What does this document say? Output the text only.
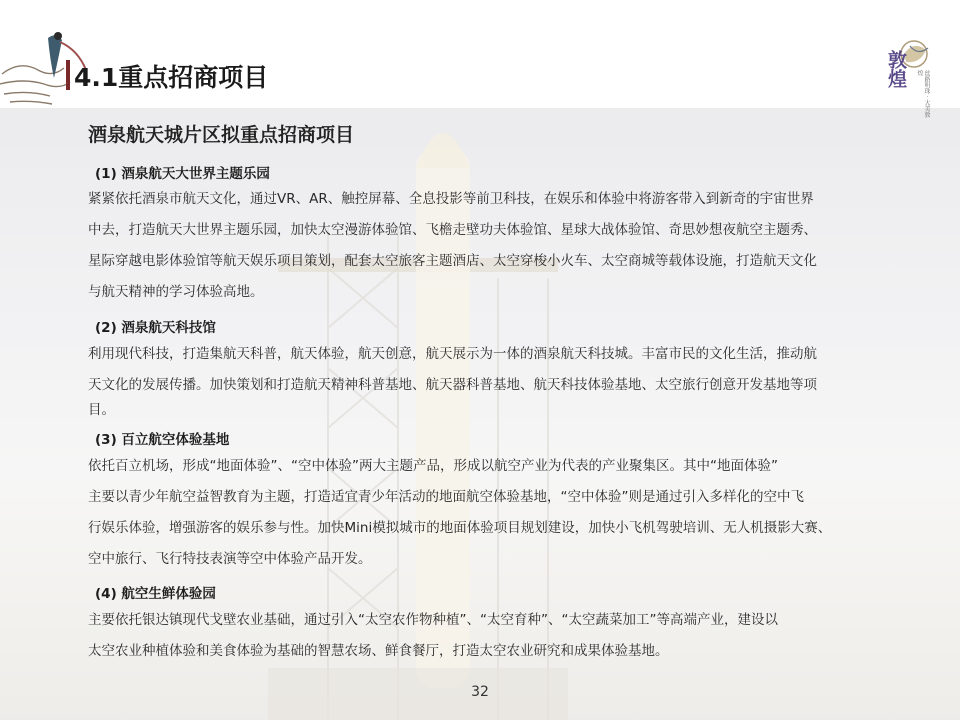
4.1重点招商项目	敦煌
丝路明珠 · 大美敦煌
酒泉航天城片区拟重点招商项目

(1) 酒泉航天大世界主题乐园

紧紧依托酒泉市航天文化，通过VR、AR、触控屏幕、全息投影等前卫科技，在娱乐和体验中将游客带入到新奇的宇宙世界
中去，打造航天大世界主题乐园，加快太空漫游体验馆、飞檐走壁功夫体验馆、星球大战体验馆、奇思妙想夜航空主题秀、
星际穿越电影体验馆等航天娱乐项目策划，配套太空旅客主题酒店、太空穿梭小火车、太空商城等载体设施，打造航天文化
与航天精神的学习体验高地。

(2) 酒泉航天科技馆

利用现代科技，打造集航天科普，航天体验，航天创意，航天展示为一体的酒泉航天科技城。丰富市民的文化生活，推动航
天文化的发展传播。加快策划和打造航天精神科普基地、航天器科普基地、航天科技体验基地、太空旅行创意开发基地等项
目。

(3) 百立航空体验基地

依托百立机场，形成“地面体验”、“空中体验”两大主题产品，形成以航空产业为代表的产业聚集区。其中“地面体验”
主要以青少年航空益智教育为主题，打造适宜青少年活动的地面航空体验基地，“空中体验”则是通过引入多样化的空中飞
行娱乐体验，增强游客的娱乐参与性。加快Mini模拟城市的地面体验项目规划建设，加快小飞机驾驶培训、无人机摄影大赛、
空中旅行、飞行特技表演等空中体验产品开发。

(4) 航空生鲜体验园

主要依托银达镇现代戈壁农业基础，通过引入“太空农作物种植”、“太空育种”、“太空蔬菜加工”等高端产业，建设以
太空农业种植体验和美食体验为基础的智慧农场、鲜食餐厅，打造太空农业研究和成果体验基地。

32
